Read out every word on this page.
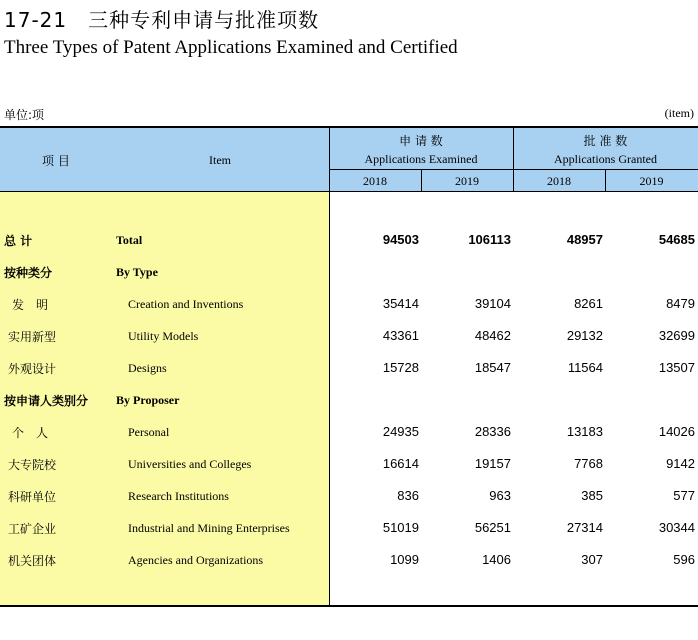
17-21　三种专利申请与批准项数
Three Types of Patent Applications Examined and Certified
单位:项	(item)
项 目	Item
申 请 数
Applications Examined
批 准 数
Applications Granted
2018	2019	2018	2019
总 计	Total	94503	106113	48957	54685
按种类分	By Type
发　明	Creation and Inventions	35414	39104	8261	8479
实用新型	Utility Models	43361	48462	29132	32699
外观设计	Designs	15728	18547	11564	13507
按申请人类别分 By Proposer
个　人	Personal	24935	28336	13183	14026
大专院校	Universities and Colleges	16614	19157	7768	9142
科研单位	Research Institutions	836	963	385	577
工矿企业	Industrial and Mining Enterprises	51019	56251	27314	30344
机关团体	Agencies and Organizations	1099	1406	307	596
